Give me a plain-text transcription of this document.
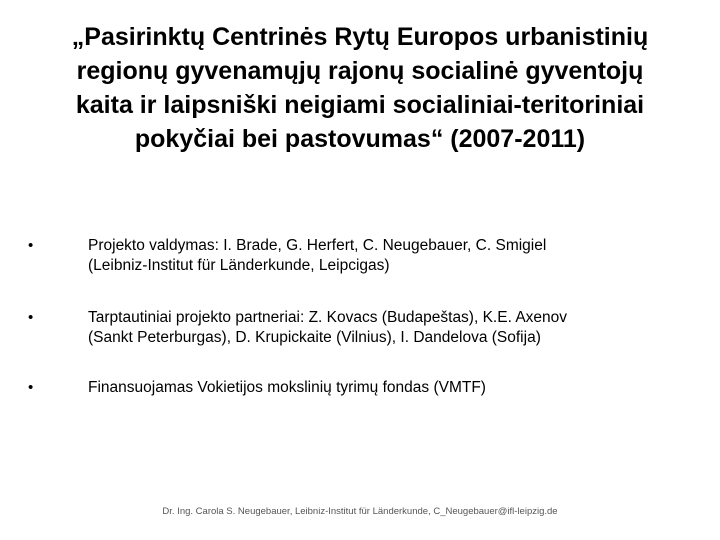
„Pasirinktų Centrinės Rytų Europos urbanistinių
regionų gyvenamųjų rajonų socialinė gyventojų
kaita ir laipsniški neigiami socialiniai-teritoriniai
pokyčiai bei pastovumas“ (2007-2011)
•	Projekto valdymas: I. Brade, G. Herfert, C. Neugebauer, C. Smigiel
(Leibniz-Institut für Länderkunde, Leipcigas)
•	Tarptautiniai projekto partneriai: Z. Kovacs (Budapeštas), K.E. Axenov
(Sankt Peterburgas), D. Krupickaite (Vilnius), I. Dandelova (Sofija)
•	Finansuojamas Vokietijos mokslinių tyrimų fondas (VMTF)
Dr. Ing. Carola S. Neugebauer, Leibniz-Institut für Länderkunde, C_Neugebauer@ifl-leipzig.de
